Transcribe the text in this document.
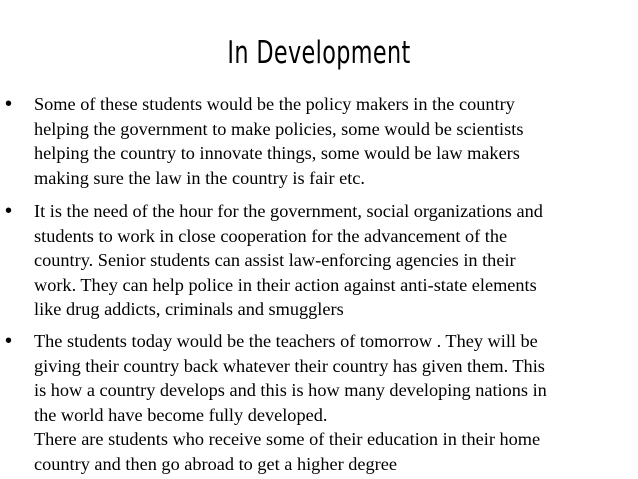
In Development
• Some of these students would be the policy makers in the country
helping the government to make policies, some would be scientists
helping the country to innovate things, some would be law makers
making sure the law in the country is fair etc.
• It is the need of the hour for the government, social organizations and
students to work in close cooperation for the advancement of the
country. Senior students can assist law-enforcing agencies in their
work. They can help police in their action against anti-state elements
like drug addicts, criminals and smugglers
• The students today would be the teachers of tomorrow . They will be
giving their country back whatever their country has given them. This
is how a country develops and this is how many developing nations in
the world have become fully developed.
There are students who receive some of their education in their home
country and then go abroad to get a higher degree
